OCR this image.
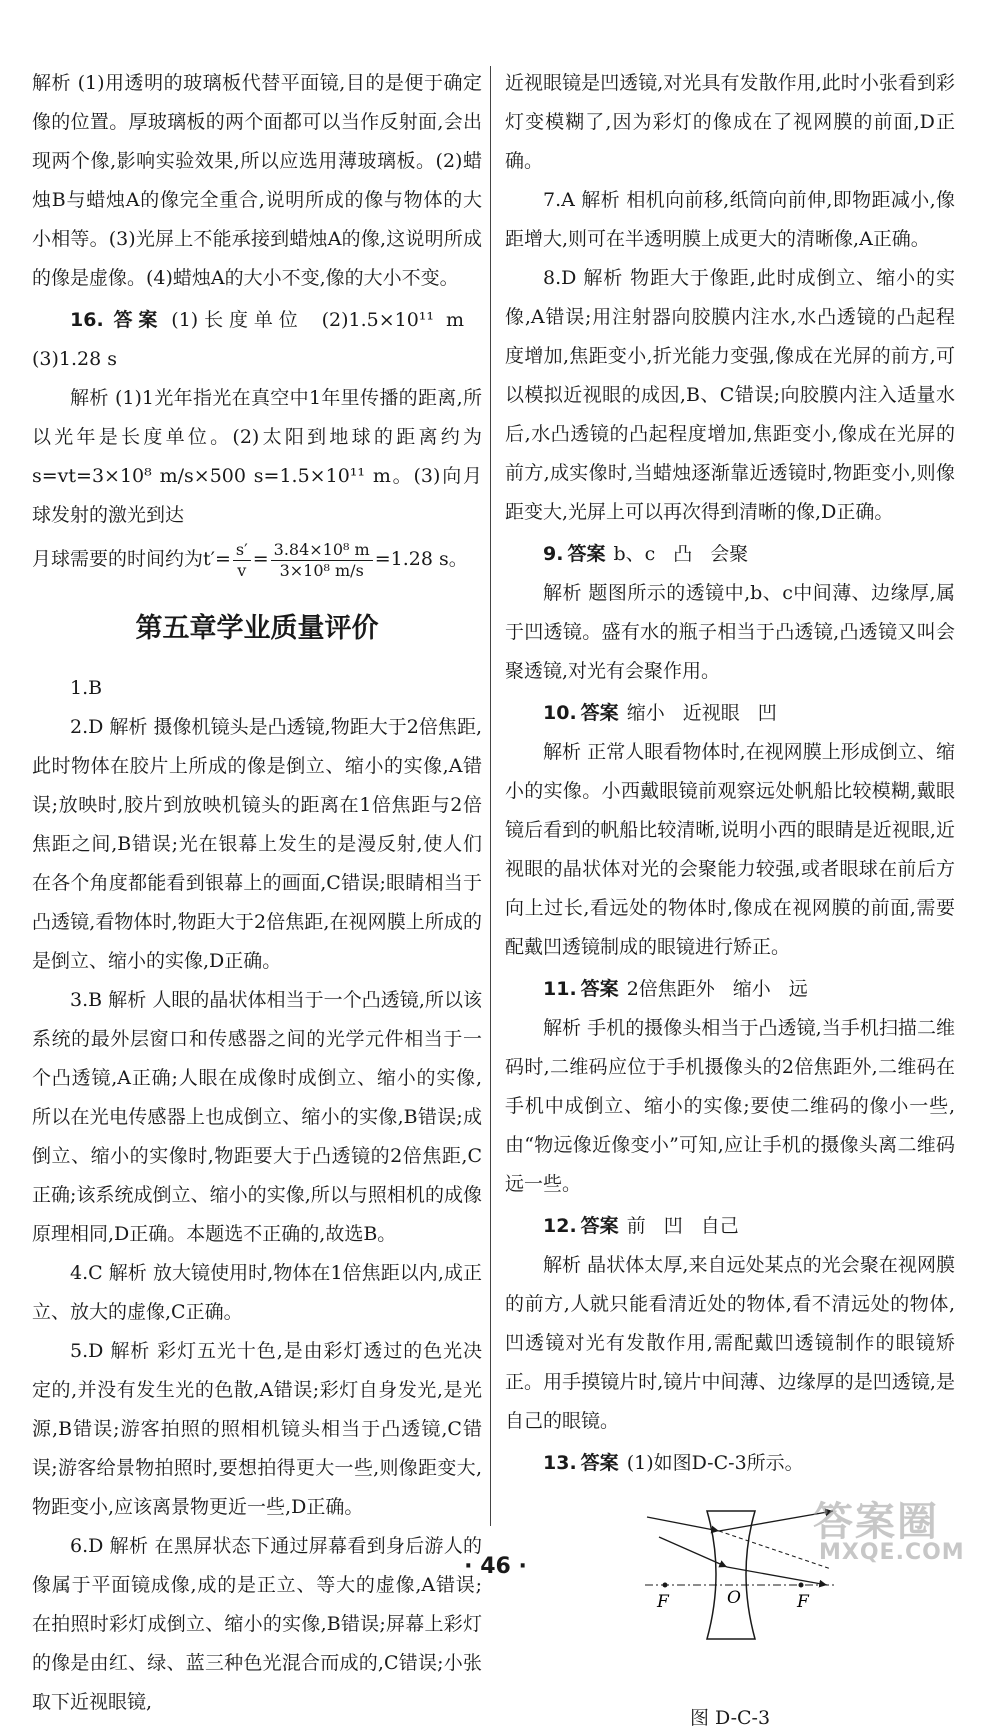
解析 (1)用透明的玻璃板代替平面镜,目的是便于确定像的位置。厚玻璃板的两个面都可以当作反射面,会出现两个像,影响实验效果,所以应选用薄玻璃板。(2)蜡烛B与蜡烛A的像完全重合,说明所成的像与物体的大小相等。(3)光屏上不能承接到蜡烛A的像,这说明所成的像是虚像。(4)蜡烛A的大小不变,像的大小不变。

16. 答案 (1)长度单位 (2)1.5×10¹¹ m(3)1.28 s

解析 (1)1光年指光在真空中1年里传播的距离,所以光年是长度单位。(2)太阳到地球的距离约为s=vt=3×10⁸ m/s×500 s=1.5×10¹¹ m。(3)向月球发射的激光到达

月球需要的时间约为$t'= \frac{s'}{v} = \frac{\text{3.84×10⁸ m}}{\text{3×10⁸ m/s}} =1.28$ s。

第五章学业质量评价

1.B

2.D 解析 摄像机镜头是凸透镜,物距大于2倍焦距,此时物体在胶片上所成的像是倒立、缩小的实像,A错误;放映时,胶片到放映机镜头的距离在1倍焦距与2倍焦距之间,B错误;光在银幕上发生的是漫反射,使人们在各个角度都能看到银幕上的画面,C错误;眼睛相当于凸透镜,看物体时,物距大于2倍焦距,在视网膜上所成的是倒立、缩小的实像,D正确。

3.B 解析 人眼的晶状体相当于一个凸透镜,所以该系统的最外层窗口和传感器之间的光学元件相当于一个凸透镜,A正确;人眼在成像时成倒立、缩小的实像,所以在光电传感器上也成倒立、缩小的实像,B错误;成倒立、缩小的实像时,物距要大于凸透镜的2倍焦距,C正确;该系统成倒立、缩小的实像,所以与照相机的成像原理相同,D正确。本题选不正确的,故选B。

4.C 解析 放大镜使用时,物体在1倍焦距以内,成正立、放大的虚像,C正确。

5.D 解析 彩灯五光十色,是由彩灯透过的色光决定的,并没有发生光的色散,A错误;彩灯自身发光,是光源,B错误;游客拍照的照相机镜头相当于凸透镜,C错误;游客给景物拍照时,要想拍得更大一些,则像距变大,物距变小,应该离景物更近一些,D正确。

6.D 解析 在黑屏状态下通过屏幕看到身后游人的像属于平面镜成像,成的是正立、等大的虚像,A错误;在拍照时彩灯成倒立、缩小的实像,B错误;屏幕上彩灯的像是由红、绿、蓝三种色光混合而成的,C错误;小张取下近视眼镜,

近视眼镜是凹透镜,对光具有发散作用,此时小张看到彩灯变模糊了,因为彩灯的像成在了视网膜的前面,D正确。

7.A 解析 相机向前移,纸筒向前伸,即物距减小,像距增大,则可在半透明膜上成更大的清晰像,A正确。

8.D 解析 物距大于像距,此时成倒立、缩小的实像,A错误;用注射器向胶膜内注水,水凸透镜的凸起程度增加,焦距变小,折光能力变强,像成在光屏的前方,可以模拟近视眼的成因,B、C错误;向胶膜内注入适量水后,水凸透镜的凸起程度增加,焦距变小,像成在光屏的前方,成实像时,当蜡烛逐渐靠近透镜时,物距变小,则像距变大,光屏上可以再次得到清晰的像,D正确。

9. 答案 b、c 凸 会聚

解析 题图所示的透镜中,b、c中间薄、边缘厚,属于凹透镜。盛有水的瓶子相当于凸透镜,凸透镜又叫会聚透镜,对光有会聚作用。

10. 答案 缩小 近视眼 凹

解析 正常人眼看物体时,在视网膜上形成倒立、缩小的实像。小西戴眼镜前观察远处帆船比较模糊,戴眼镜后看到的帆船比较清晰,说明小西的眼睛是近视眼,近视眼的晶状体对光的会聚能力较强,或者眼球在前后方向上过长,看远处的物体时,像成在视网膜的前面,需要配戴凹透镜制成的眼镜进行矫正。

11. 答案 2倍焦距外 缩小 远

解析 手机的摄像头相当于凸透镜,当手机扫描二维码时,二维码应位于手机摄像头的2倍焦距外,二维码在手机中成倒立、缩小的实像;要使二维码的像小一些,由“物远像近像变小”可知,应让手机的摄像头离二维码远一些。

12. 答案 前 凹 自己

解析 晶状体太厚,来自远处某点的光会聚在视网膜的前方,人就只能看清近处的物体,看不清远处的物体,凹透镜对光有发散作用,需配戴凹透镜制作的眼镜矫正。用手摸镜片时,镜片中间薄、边缘厚的是凹透镜,是自己的眼镜。

13. 答案 (1)如图D-C-3所示。

F	O	F

图 D-C-3

· 46 ·
答案圈
MXQE.COM
